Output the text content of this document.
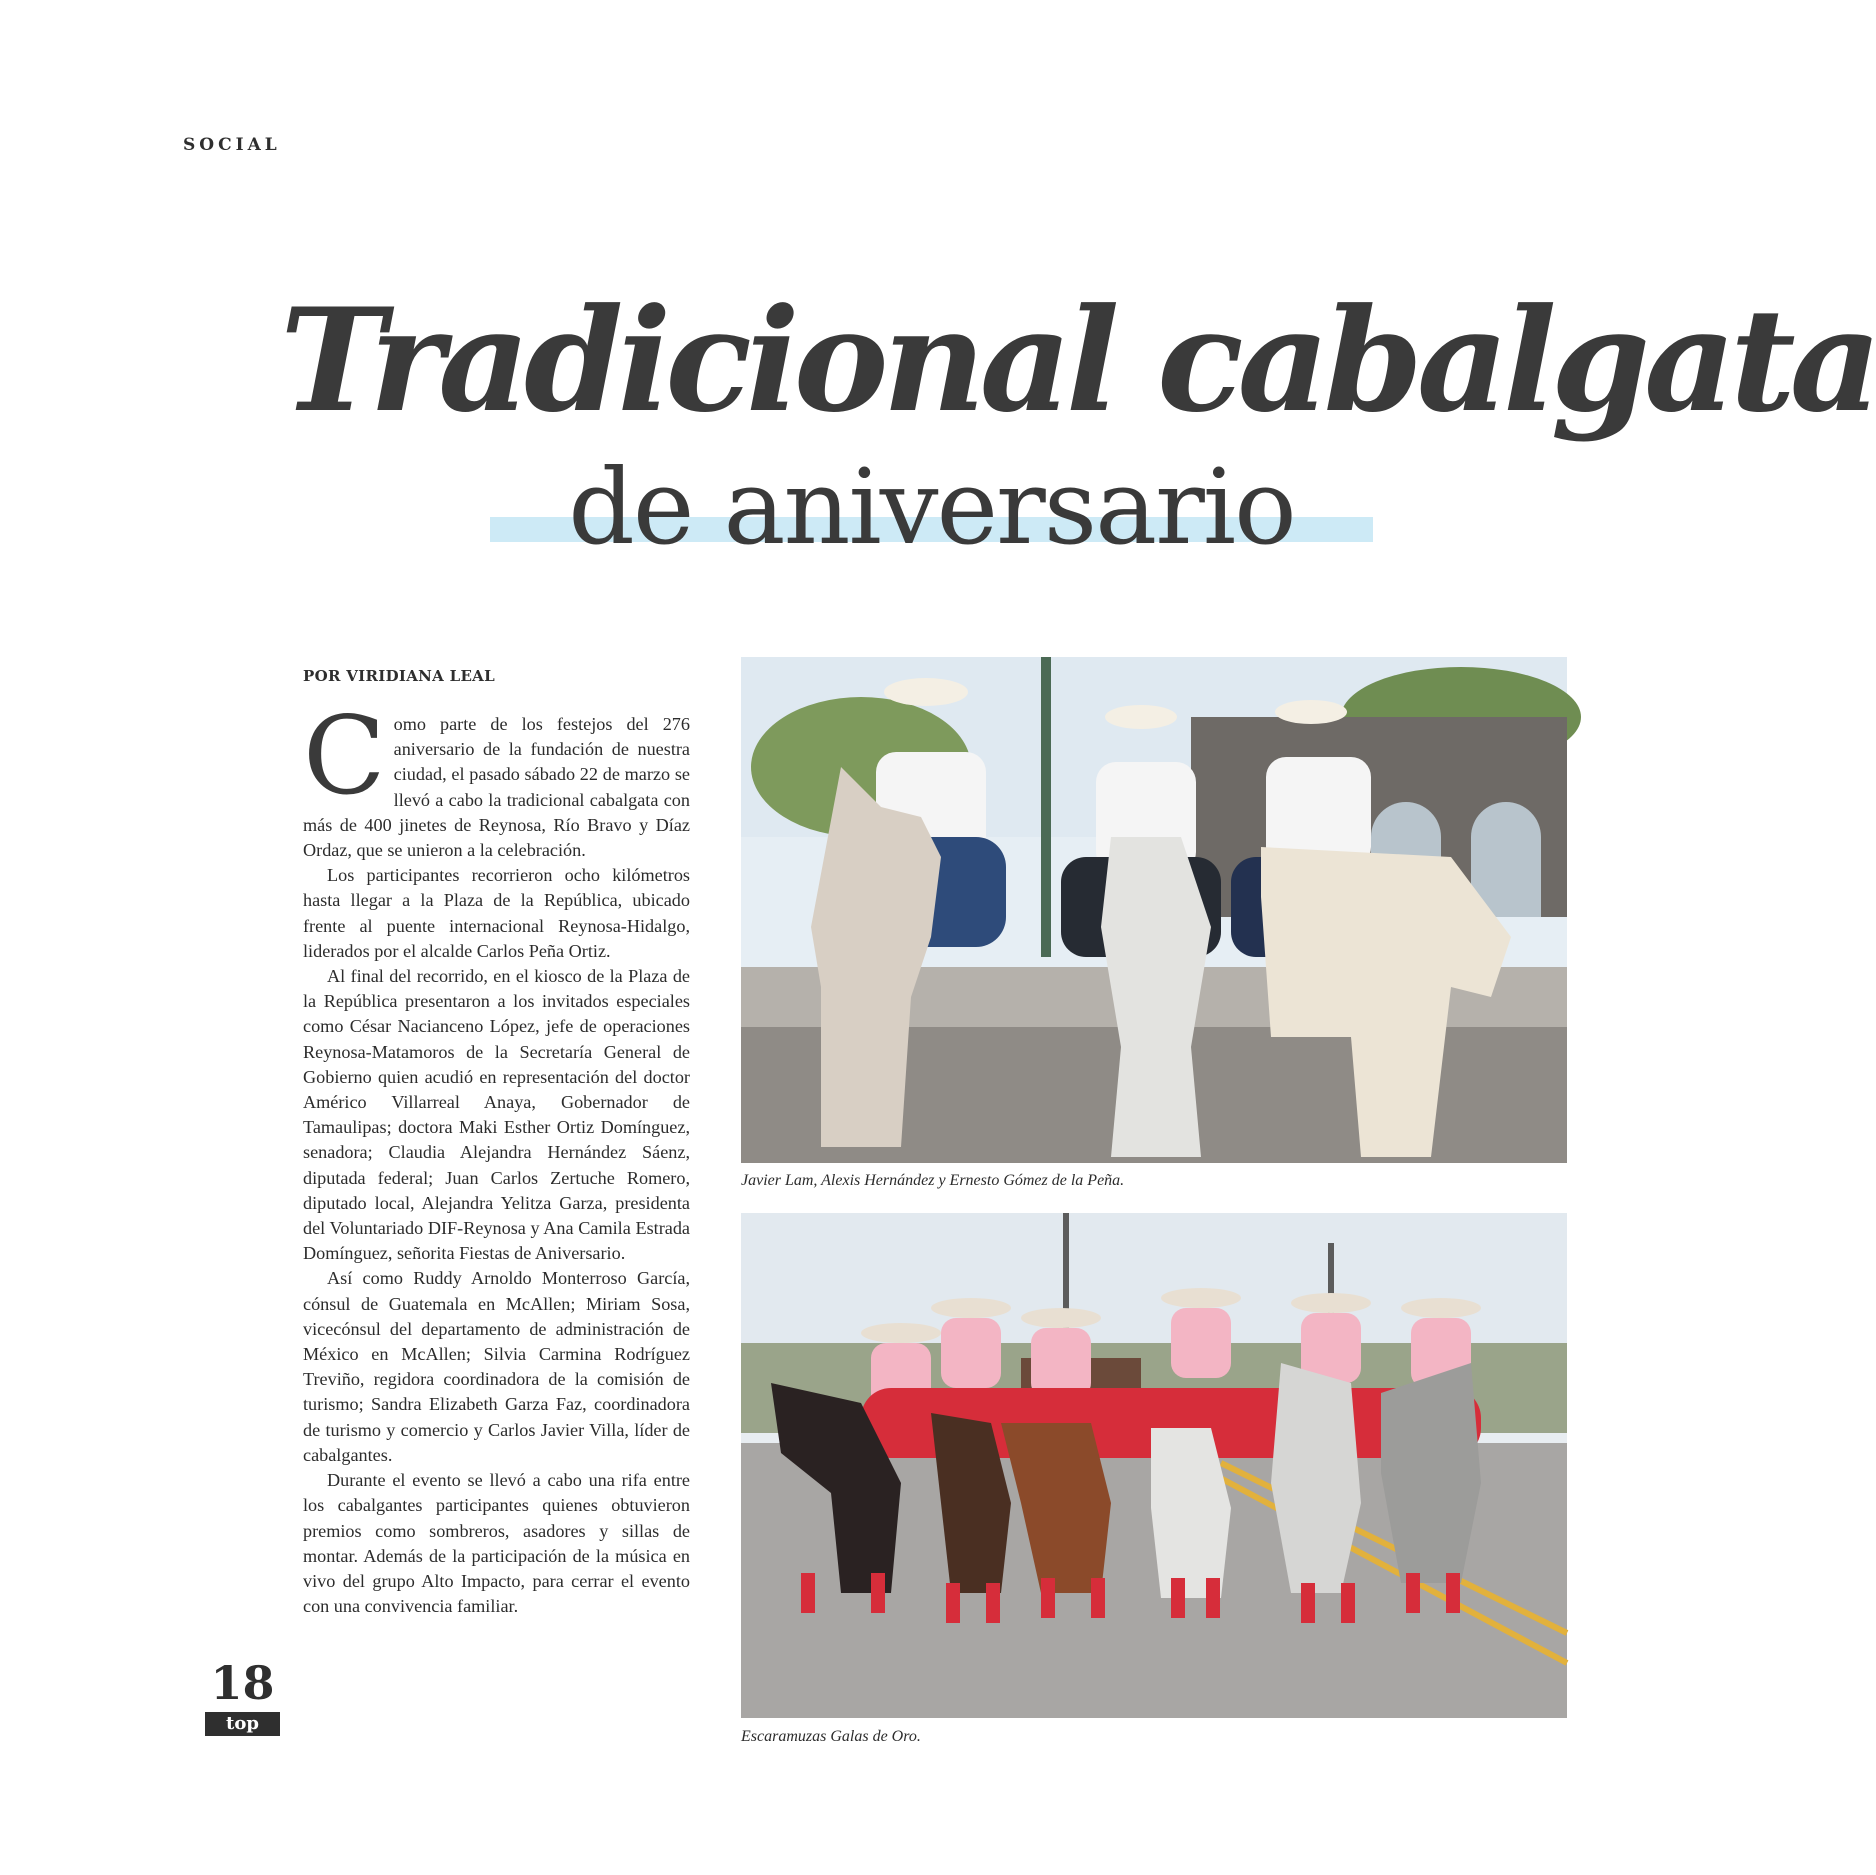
SOCIAL
Tradicional cabalgata
de aniversario
POR VIRIDIANA LEAL

Como parte de los festejos del 276 aniversario de la fundación de nuestra ciudad, el pasado sábado 22 de marzo se llevó a cabo la tradicional cabalgata con más de 400 jinetes de Reynosa, Río Bravo y Díaz Ordaz, que se unieron a la celebración.

Los participantes recorrieron ocho kilómetros hasta llegar a la Plaza de la República, ubicado frente al puente internacional Reynosa-Hidalgo, liderados por el alcalde Carlos Peña Ortiz.

Al final del recorrido, en el kiosco de la Plaza de la República presentaron a los invitados especiales como César Nacianceno López, jefe de operaciones Reynosa-Matamoros de la Secretaría General de Gobierno quien acudió en representación del doctor Américo Villarreal Anaya, Gobernador de Tamaulipas; doctora Maki Esther Ortiz Domínguez, senadora; Claudia Alejandra Hernández Sáenz, diputada federal; Juan Carlos Zertuche Romero, diputado local, Alejandra Yelitza Garza, presidenta del Voluntariado DIF-Reynosa y Ana Camila Estrada Domínguez, señorita Fiestas de Aniversario.

Así como Ruddy Arnoldo Monterroso García, cónsul de Guatemala en McAllen; Miriam Sosa, vicecónsul del departamento de administración de México en McAllen; Silvia Carmina Rodríguez Treviño, regidora coordinadora de la comisión de turismo; Sandra Elizabeth Garza Faz, coordinadora de turismo y comercio y Carlos Javier Villa, líder de cabalgantes.

Durante el evento se llevó a cabo una rifa entre los cabalgantes participantes quienes obtuvieron premios como sombreros, asadores y sillas de montar. Además de la participación de la música en vivo del grupo Alto Impacto, para cerrar el evento con una convivencia familiar.

Javier Lam, Alexis Hernández y Ernesto Gómez de la Peña.
Escaramuzas Galas de Oro.
18
top
